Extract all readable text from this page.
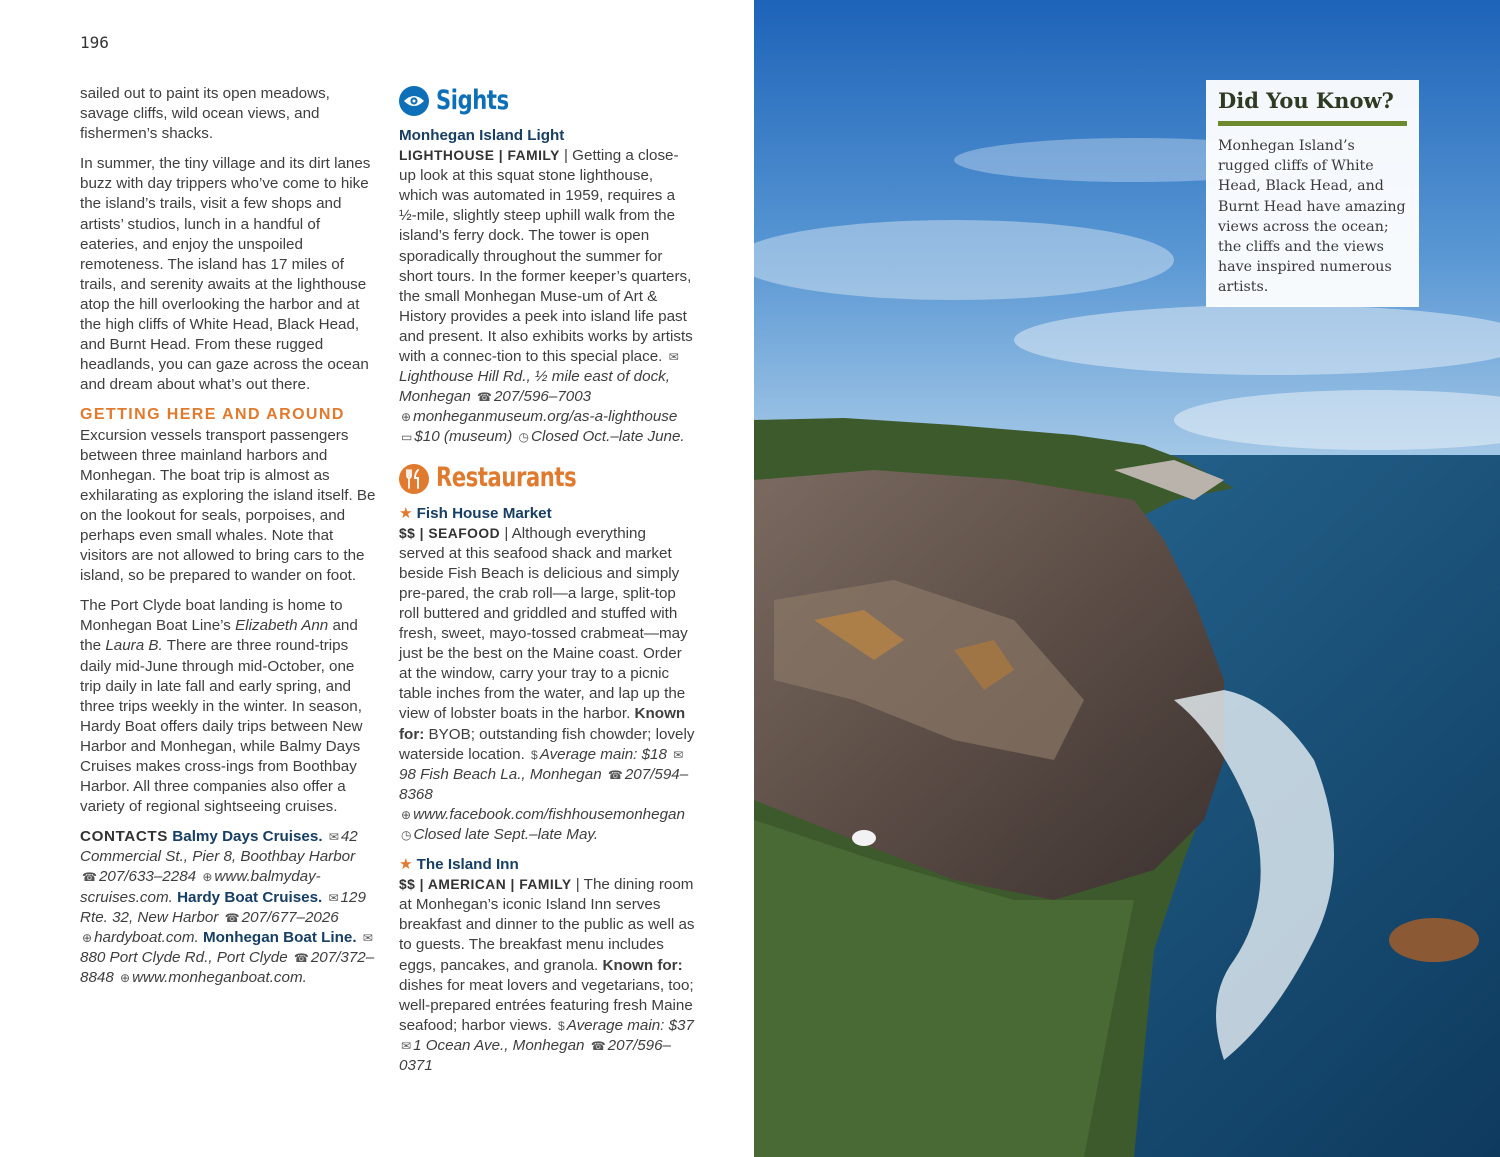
196

sailed out to paint its open meadows, savage cliffs, wild ocean views, and fishermen’s shacks.

In summer, the tiny village and its dirt lanes buzz with day trippers who’ve come to hike the island’s trails, visit a few shops and artists’ studios, lunch in a handful of eateries, and enjoy the unspoiled remoteness. The island has 17 miles of trails, and serenity awaits at the lighthouse atop the hill overlooking the harbor and at the high cliffs of White Head, Black Head, and Burnt Head. From these rugged headlands, you can gaze across the ocean and dream about what’s out there.

GETTING HERE AND AROUND

Excursion vessels transport passengers between three mainland harbors and Monhegan. The boat trip is almost as exhilarating as exploring the island itself. Be on the lookout for seals, porpoises, and perhaps even small whales. Note that visitors are not allowed to bring cars to the island, so be prepared to wander on foot.

The Port Clyde boat landing is home to Monhegan Boat Line’s Elizabeth Ann and the Laura B. There are three round-trips daily mid-June through mid-October, one trip daily in late fall and early spring, and three trips weekly in the winter. In season, Hardy Boat offers daily trips between New Harbor and Monhegan, while Balmy Days Cruises makes cross-ings from Boothbay Harbor. All three companies also offer a variety of regional sightseeing cruises.

CONTACTS Balmy Days Cruises. ✉ 42 Commercial St., Pier 8, Boothbay Harbor ☎ 207/633–2284 ⊕ www.balmyday-scruises.com. Hardy Boat Cruises. ✉ 129 Rte. 32, New Harbor ☎ 207/677–2026 ⊕ hardyboat.com. Monhegan Boat Line. ✉880 Port Clyde Rd., Port Clyde ☎ 207/372–8848 ⊕ www.monheganboat.com.

Sights

Monhegan Island Light
LIGHTHOUSE | FAMILY | Getting a close-up look at this squat stone lighthouse, which was automated in 1959, requires a ½-mile, slightly steep uphill walk from the island’s ferry dock. The tower is open sporadically throughout the summer for short tours. In the former keeper’s quarters, the small Monhegan Muse-um of Art & History provides a peek into island life past and present. It also exhibits works by artists with a connec-tion to this special place. ✉Lighthouse Hill Rd., ½ mile east of dock, Monhegan ☎ 207/596–7003 ⊕ monheganmuseum.org/as-a-lighthouse ▭ $10 (museum) ◷ Closed Oct.–late June.

Restaurants

★ Fish House Market
$$ | SEAFOOD | Although everything served at this seafood shack and market beside Fish Beach is delicious and simply pre-pared, the crab roll—a large, split-top roll buttered and griddled and stuffed with fresh, sweet, mayo-tossed crabmeat—may just be the best on the Maine coast. Order at the window, carry your tray to a picnic table inches from the water, and lap up the view of lobster boats in the harbor. Known for: BYOB; outstanding fish chowder; lovely waterside location. $ Average main: $18 ✉98 Fish Beach La., Monhegan ☎ 207/594–8368 ⊕ www.facebook.com/fishhousemonhegan ◷ Closed late Sept.–late May.

★ The Island Inn
$$ | AMERICAN | FAMILY | The dining room at Monhegan’s iconic Island Inn serves breakfast and dinner to the public as well as to guests. The breakfast menu includes eggs, pancakes, and granola. Known for: dishes for meat lovers and vegetarians, too; well-prepared entrées featuring fresh Maine seafood; harbor views. $ Average main: $37 ✉ 1 Ocean Ave., Monhegan ☎ 207/596–0371

Did You Know?

Monhegan Island’s rugged cliffs of White Head, Black Head, and Burnt Head have amazing views across the ocean; the cliffs and the views have inspired numerous artists.
